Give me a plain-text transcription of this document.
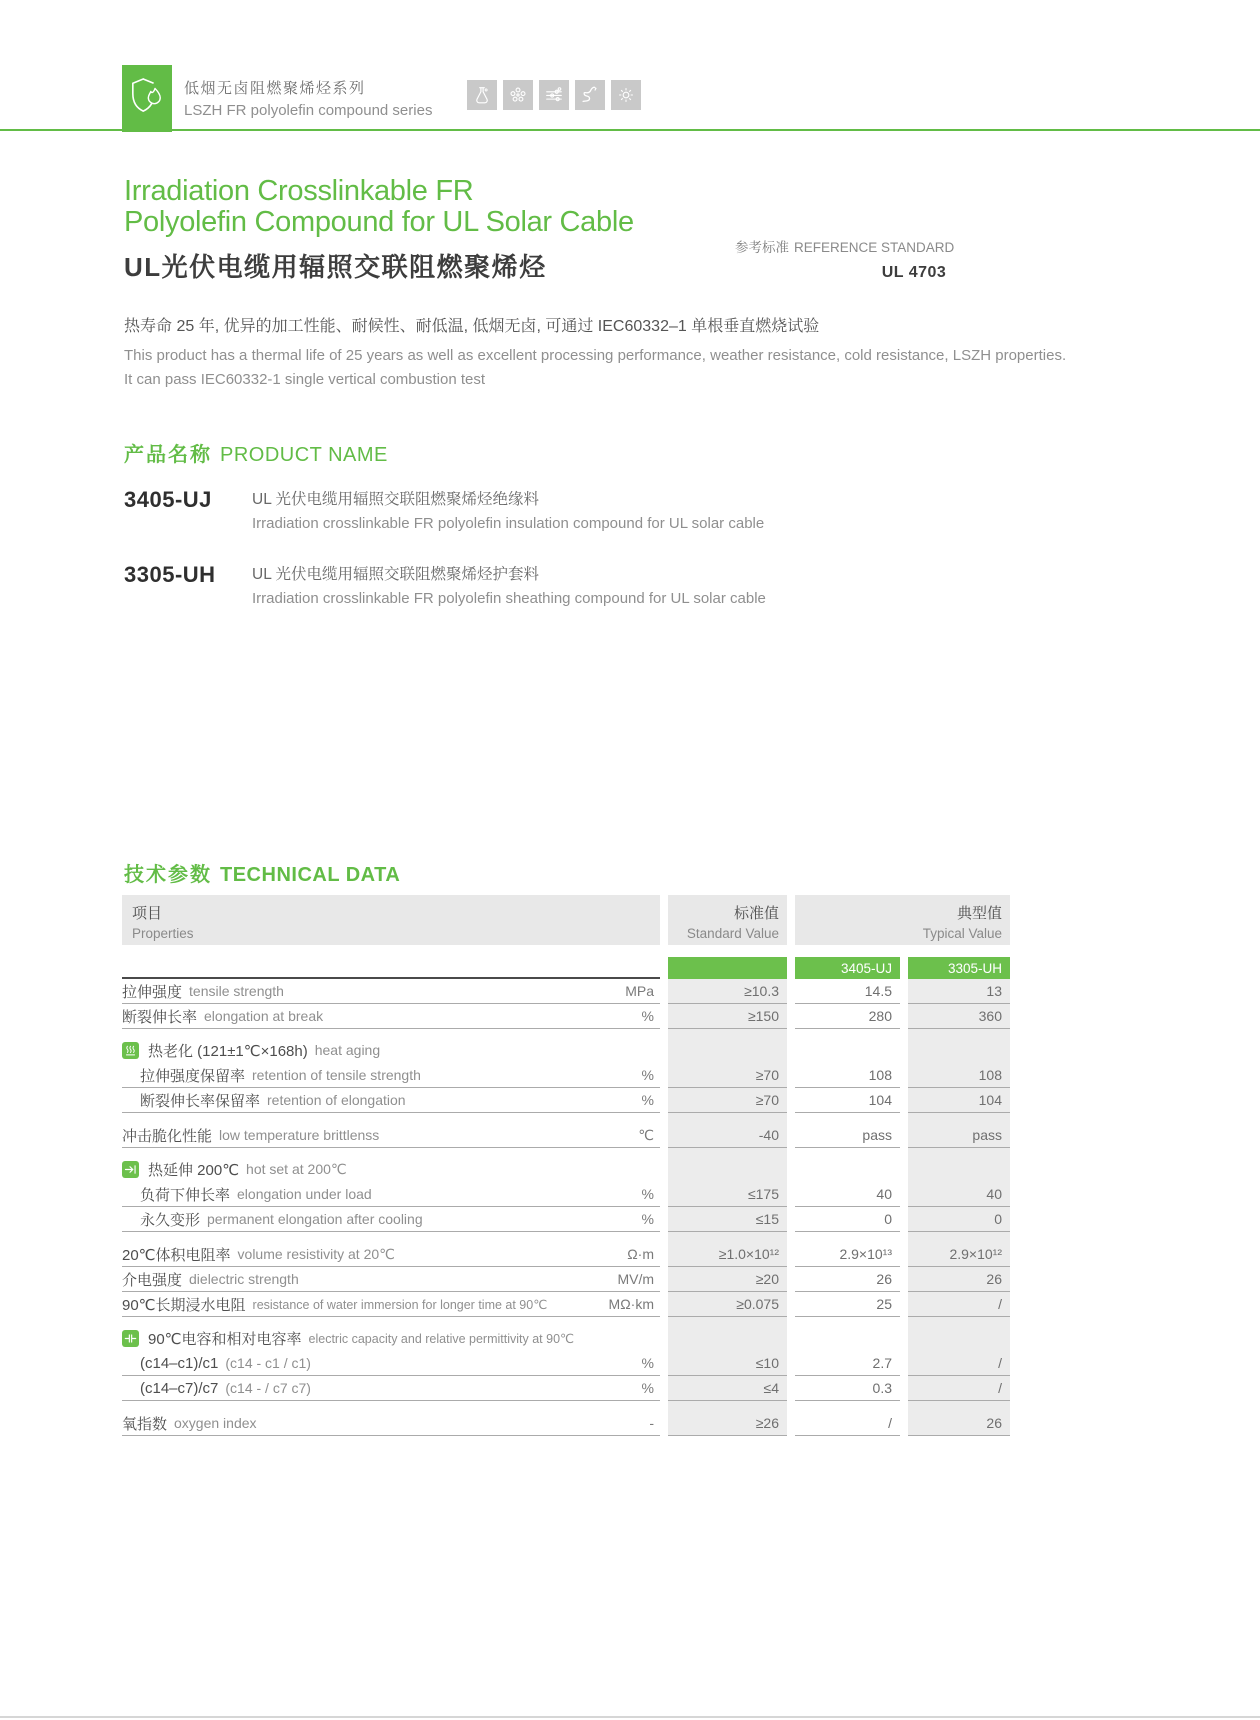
低烟无卤阻燃聚烯烃系列
LSZH FR polyolefin compound series
Irradiation Crosslinkable FR
Polyolefin Compound for UL Solar Cable
UL光伏电缆用辐照交联阻燃聚烯烃
参考标准 REFERENCE STANDARD
UL 4703
热寿命 25 年, 优异的加工性能、耐候性、耐低温, 低烟无卤, 可通过 IEC60332–1 单根垂直燃烧试验
This product has a thermal life of 25 years as well as excellent processing performance, weather resistance, cold resistance, LSZH properties. It can pass IEC60332-1 single vertical combustion test
产品名称 PRODUCT NAME
3405-UJ	UL 光伏电缆用辐照交联阻燃聚烯烃绝缘料
Irradiation crosslinkable FR polyolefin insulation compound for UL solar cable
3305-UH	UL 光伏电缆用辐照交联阻燃聚烯烃护套料
Irradiation crosslinkable FR polyolefin sheathing compound for UL solar cable
技术参数 TECHNICAL DATA
项目
Properties
标准值
Standard Value
典型值
Typical Value
3405-UJ	3305-UH
拉伸强度 tensile strength	MPa	≥10.3	14.5	13
断裂伸长率 elongation at break	%	≥150	280	360
热老化 (121±1℃×168h) heat aging
拉伸强度保留率 retention of tensile strength	%	≥70	108	108
断裂伸长率保留率 retention of elongation	%	≥70	104	104
冲击脆化性能 low temperature brittlenss	℃	-40	pass	pass
热延伸 200℃ hot set at 200℃
负荷下伸长率 elongation under load	%	≤175	40	40
永久变形 permanent elongation after cooling	%	≤15	0	0
20℃体积电阻率 volume resistivity at 20℃	Ω·m	≥1.0×10¹²	2.9×10¹³	2.9×10¹²
介电强度 dielectric strength	MV/m	≥20	26	26
90℃长期浸水电阻 resistance of water immersion for longer time at 90℃	MΩ·km	≥0.075	25	/
90℃电容和相对电容率 electric capacity and relative permittivity at 90℃
(c14–c1)/c1 (c14 - c1 / c1)	%	≤10	2.7	/
(c14–c7)/c7 (c14 - / c7 c7)	%	≤4	0.3	/
氧指数 oxygen index	-	≥26	/	26
